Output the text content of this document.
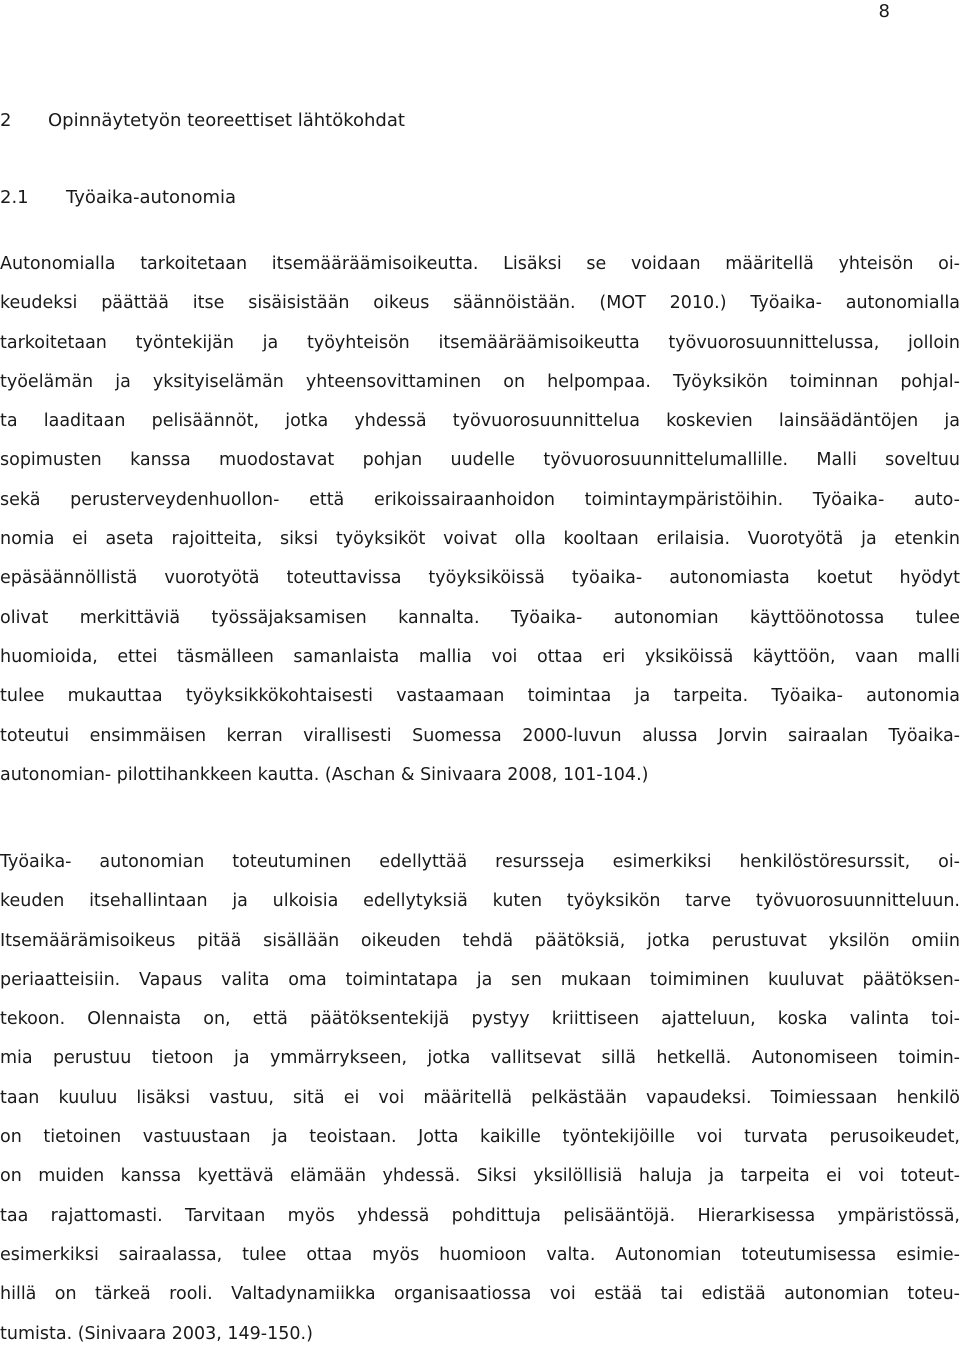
8
2 Opinnäytetyön teoreettiset lähtökohdat
2.1 Työaika-autonomia
Autonomialla tarkoitetaan itsemääräämisoikeutta. Lisäksi se voidaan määritellä yhteisön oi-
keudeksi päättää itse sisäisistään oikeus säännöistään. (MOT 2010.) Työaika- autonomialla
tarkoitetaan työntekijän ja työyhteisön itsemääräämisoikeutta työvuorosuunnittelussa, jolloin
työelämän ja yksityiselämän yhteensovittaminen on helpompaa. Työyksikön toiminnan pohjal-
ta laaditaan pelisäännöt, jotka yhdessä työvuorosuunnittelua koskevien lainsäädäntöjen ja
sopimusten kanssa muodostavat pohjan uudelle työvuorosuunnittelumallille. Malli soveltuu
sekä perusterveydenhuollon- että erikoissairaanhoidon toimintaympäristöihin. Työaika- auto-
nomia ei aseta rajoitteita, siksi työyksiköt voivat olla kooltaan erilaisia. Vuorotyötä ja etenkin
epäsäännöllistä vuorotyötä toteuttavissa työyksiköissä työaika- autonomiasta koetut hyödyt
olivat merkittäviä työssäjaksamisen kannalta. Työaika- autonomian käyttöönotossa tulee
huomioida, ettei täsmälleen samanlaista mallia voi ottaa eri yksiköissä käyttöön, vaan malli
tulee mukauttaa työyksikkökohtaisesti vastaamaan toimintaa ja tarpeita. Työaika- autonomia
toteutui ensimmäisen kerran virallisesti Suomessa 2000-luvun alussa Jorvin sairaalan Työaika-
autonomian- pilottihankkeen kautta. (Aschan & Sinivaara 2008, 101-104.)
Työaika- autonomian toteutuminen edellyttää resursseja esimerkiksi henkilöstöresurssit, oi-
keuden itsehallintaan ja ulkoisia edellytyksiä kuten työyksikön tarve työvuorosuunnitteluun.
Itsemäärämisoikeus pitää sisällään oikeuden tehdä päätöksiä, jotka perustuvat yksilön omiin
periaatteisiin. Vapaus valita oma toimintatapa ja sen mukaan toimiminen kuuluvat päätöksen-
tekoon. Olennaista on, että päätöksentekijä pystyy kriittiseen ajatteluun, koska valinta toi-
mia perustuu tietoon ja ymmärrykseen, jotka vallitsevat sillä hetkellä. Autonomiseen toimin-
taan kuuluu lisäksi vastuu, sitä ei voi määritellä pelkästään vapaudeksi. Toimiessaan henkilö
on tietoinen vastuustaan ja teoistaan. Jotta kaikille työntekijöille voi turvata perusoikeudet,
on muiden kanssa kyettävä elämään yhdessä. Siksi yksilöllisiä haluja ja tarpeita ei voi toteut-
taa rajattomasti. Tarvitaan myös yhdessä pohdittuja pelisääntöjä. Hierarkisessa ympäristössä,
esimerkiksi sairaalassa, tulee ottaa myös huomioon valta. Autonomian toteutumisessa esimie-
hillä on tärkeä rooli. Valtadynamiikka organisaatiossa voi estää tai edistää autonomian toteu-
tumista. (Sinivaara 2003, 149-150.)
